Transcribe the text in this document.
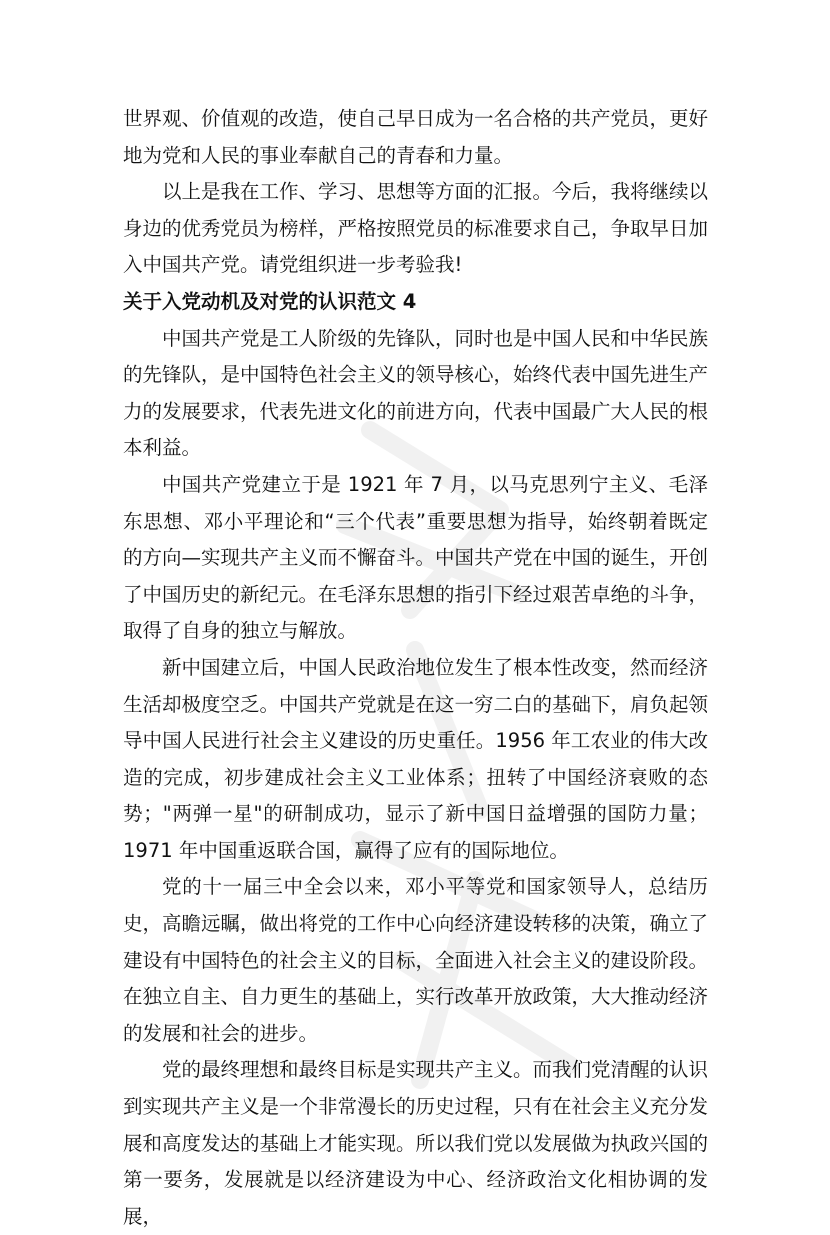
世界观、价值观的改造，使自己早日成为一名合格的共产党员，更好地为党和人民的事业奉献自己的青春和力量。

以上是我在工作、学习、思想等方面的汇报。今后，我将继续以身边的优秀党员为榜样，严格按照党员的标准要求自己，争取早日加入中国共产党。请党组织进一步考验我!

关于入党动机及对党的认识范文 4

中国共产党是工人阶级的先锋队，同时也是中国人民和中华民族的先锋队，是中国特色社会主义的领导核心，始终代表中国先进生产力的发展要求，代表先进文化的前进方向，代表中国最广大人民的根本利益。

中国共产党建立于是 1921 年 7 月，以马克思列宁主义、毛泽东思想、邓小平理论和“三个代表”重要思想为指导，始终朝着既定的方向—实现共产主义而不懈奋斗。中国共产党在中国的诞生，开创了中国历史的新纪元。在毛泽东思想的指引下经过艰苦卓绝的斗争，取得了自身的独立与解放。

新中国建立后，中国人民政治地位发生了根本性改变，然而经济生活却极度空乏。中国共产党就是在这一穷二白的基础下，肩负起领导中国人民进行社会主义建设的历史重任。1956 年工农业的伟大改造的完成，初步建成社会主义工业体系；扭转了中国经济衰败的态势；"两弹一星"的研制成功，显示了新中国日益增强的国防力量；1971 年中国重返联合国，赢得了应有的国际地位。

党的十一届三中全会以来，邓小平等党和国家领导人，总结历史，高瞻远瞩，做出将党的工作中心向经济建设转移的决策，确立了建设有中国特色的社会主义的目标，全面进入社会主义的建设阶段。在独立自主、自力更生的基础上，实行改革开放政策，大大推动经济的发展和社会的进步。

党的最终理想和最终目标是实现共产主义。而我们党清醒的认识到实现共产主义是一个非常漫长的历史过程，只有在社会主义充分发展和高度发达的基础上才能实现。所以我们党以发展做为执政兴国的第一要务，发展就是以经济建设为中心、经济政治文化相协调的发展，
